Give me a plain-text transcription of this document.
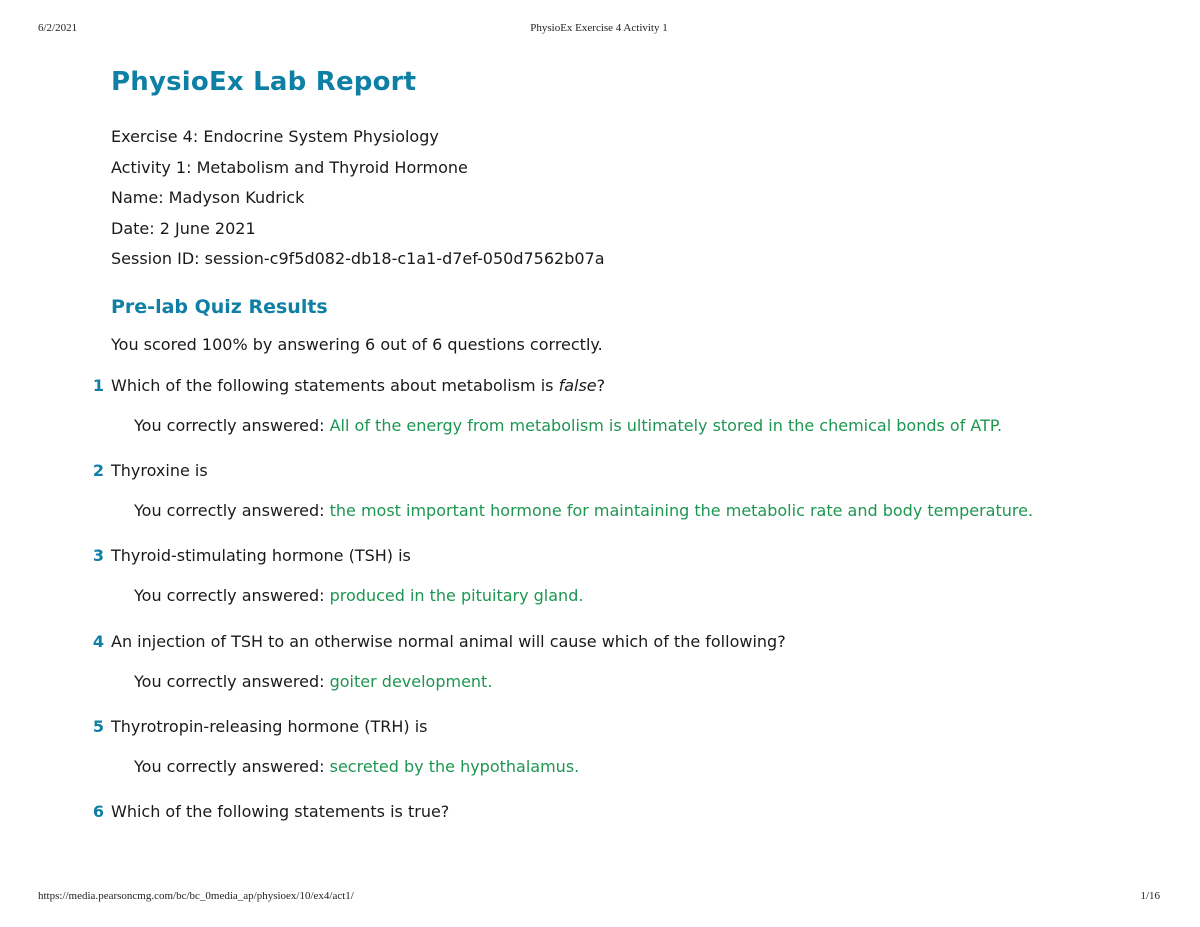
6/2/2021	PhysioEx Exercise 4 Activity 1
PhysioEx Lab Report
Exercise 4: Endocrine System Physiology
Activity 1: Metabolism and Thyroid Hormone
Name: Madyson Kudrick
Date: 2 June 2021
Session ID: session-c9f5d082-db18-c1a1-d7ef-050d7562b07a
Pre-lab Quiz Results
You scored 100% by answering 6 out of 6 questions correctly.
1 Which of the following statements about metabolism is false?
You correctly answered: All of the energy from metabolism is ultimately stored in the chemical bonds of ATP.
2 Thyroxine is
You correctly answered: the most important hormone for maintaining the metabolic rate and body temperature.
3 Thyroid-stimulating hormone (TSH) is
You correctly answered: produced in the pituitary gland.
4 An injection of TSH to an otherwise normal animal will cause which of the following?
You correctly answered: goiter development.
5 Thyrotropin-releasing hormone (TRH) is
You correctly answered: secreted by the hypothalamus.
6 Which of the following statements is true?
https://media.pearsoncmg.com/bc/bc_0media_ap/physioex/10/ex4/act1/	1/16
